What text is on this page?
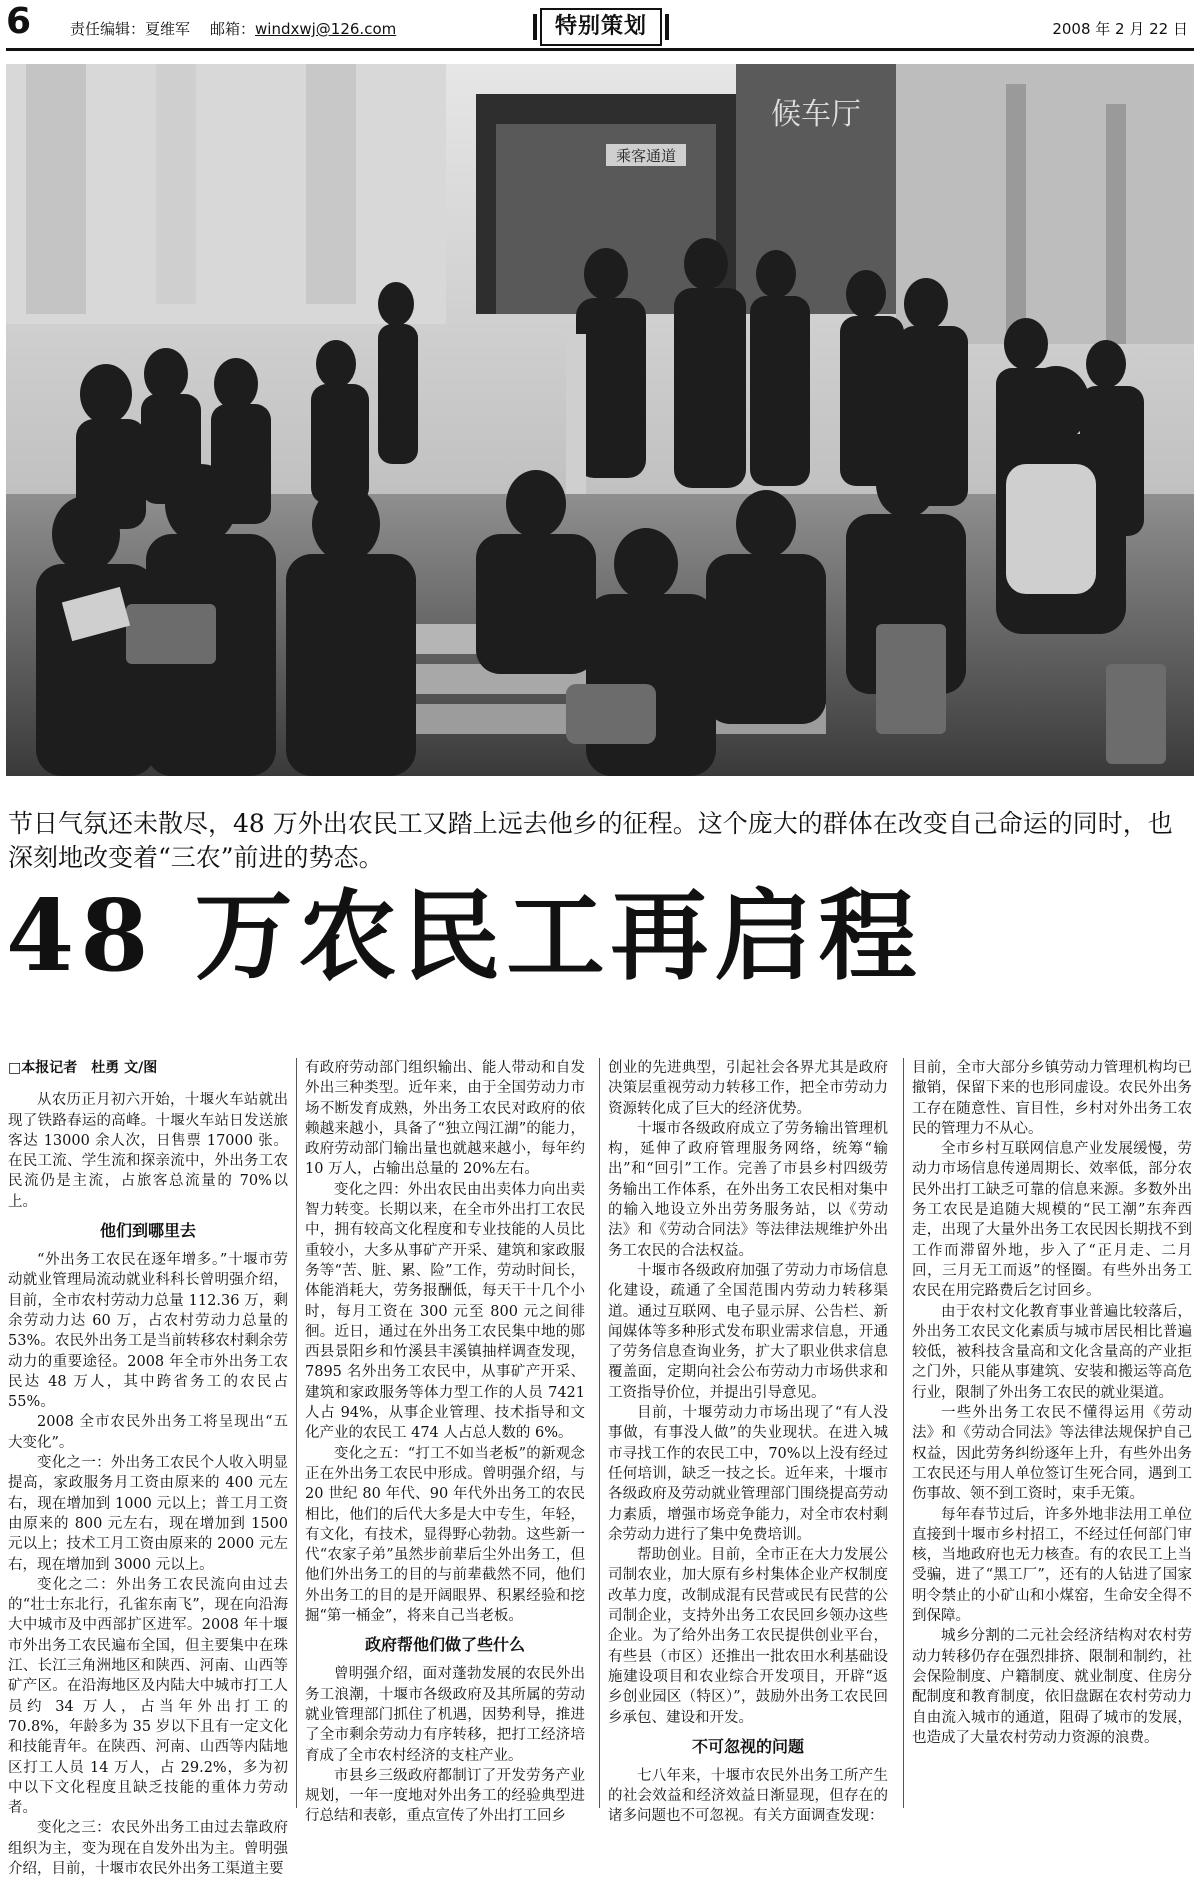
6	责任编辑：夏维军 邮箱：windxwj@126.com	特别策划	2008 年 2 月 22 日
乘客通道
候车厅
节日气氛还未散尽，48 万外出农民工又踏上远去他乡的征程。这个庞大的群体在改变自己命运的同时，也深刻地改变着“三农”前进的势态。
48 万农民工再启程

□本报记者　杜勇 文/图

从农历正月初六开始，十堰火车站就出现了铁路春运的高峰。十堰火车站日发送旅客达 13000 余人次，日售票 17000 张。在民工流、学生流和探亲流中，外出务工农民流仍是主流，占旅客总流量的 70%以上。

他们到哪里去

“外出务工农民在逐年增多。”十堰市劳动就业管理局流动就业科科长曾明强介绍，目前，全市农村劳动力总量 112.36 万，剩余劳动力达 60 万，占农村劳动力总量的 53%。农民外出务工是当前转移农村剩余劳动力的重要途径。2008 年全市外出务工农民达 48 万人，其中跨省务工的农民占 55%。

2008 全市农民外出务工将呈现出“五大变化”。

变化之一：外出务工农民个人收入明显提高，家政服务月工资由原来的 400 元左右，现在增加到 1000 元以上；普工月工资由原来的 800 元左右，现在增加到 1500 元以上；技术工月工资由原来的 2000 元左右，现在增加到 3000 元以上。

变化之二：外出务工农民流向由过去的“壮士东北行，孔雀东南飞”，现在向沿海大中城市及中西部扩区进军。2008 年十堰市外出务工农民遍布全国，但主要集中在珠江、长江三角洲地区和陕西、河南、山西等矿产区。在沿海地区及内陆大中城市打工人员约 34 万人，占当年外出打工的 70.8%，年龄多为 35 岁以下且有一定文化和技能青年。在陕西、河南、山西等内陆地区打工人员 14 万人，占 29.2%，多为初中以下文化程度且缺乏技能的重体力劳动者。

变化之三：农民外出务工由过去靠政府组织为主，变为现在自发外出为主。曾明强介绍，目前，十堰市农民外出务工渠道主要

有政府劳动部门组织输出、能人带动和自发外出三种类型。近年来，由于全国劳动力市场不断发育成熟，外出务工农民对政府的依赖越来越小，具备了“独立闯江湖”的能力，政府劳动部门输出量也就越来越小，每年约 10 万人，占输出总量的 20%左右。

变化之四：外出农民由出卖体力向出卖智力转变。长期以来，在全市外出打工农民中，拥有较高文化程度和专业技能的人员比重较小，大多从事矿产开采、建筑和家政服务等“苦、脏、累、险”工作，劳动时间长，体能消耗大，劳务报酬低，每天干十几个小时，每月工资在 300 元至 800 元之间徘徊。近日，通过在外出务工农民集中地的郧西县景阳乡和竹溪县丰溪镇抽样调查发现，7895 名外出务工农民中，从事矿产开采、建筑和家政服务等体力型工作的人员 7421 人占 94%，从事企业管理、技术指导和文化产业的农民工 474 人占总人数的 6%。

变化之五：“打工不如当老板”的新观念正在外出务工农民中形成。曾明强介绍，与 20 世纪 80 年代、90 年代外出务工的农民相比，他们的后代大多是大中专生，年轻，有文化，有技术，显得野心勃勃。这些新一代“农家子弟”虽然步前辈后尘外出务工，但他们外出务工的目的与前辈截然不同，他们外出务工的目的是开阔眼界、积累经验和挖掘“第一桶金”，将来自己当老板。

政府帮他们做了些什么

曾明强介绍，面对蓬勃发展的农民外出务工浪潮，十堰市各级政府及其所属的劳动就业管理部门抓住了机遇，因势利导，推进了全市剩余劳动力有序转移，把打工经济培育成了全市农村经济的支柱产业。

市县乡三级政府都制订了开发劳务产业规划，一年一度地对外出务工的经验典型进行总结和表彰，重点宣传了外出打工回乡

创业的先进典型，引起社会各界尤其是政府决策层重视劳动力转移工作，把全市劳动力资源转化成了巨大的经济优势。

十堰市各级政府成立了劳务输出管理机构，延伸了政府管理服务网络，统筹“输出”和“回引”工作。完善了市县乡村四级劳务输出工作体系，在外出务工农民相对集中的输入地设立外出劳务服务站，以《劳动法》和《劳动合同法》等法律法规维护外出务工农民的合法权益。

十堰市各级政府加强了劳动力市场信息化建设，疏通了全国范围内劳动力转移渠道。通过互联网、电子显示屏、公告栏、新闻媒体等多种形式发布职业需求信息，开通了劳务信息查询业务，扩大了职业供求信息覆盖面，定期向社会公布劳动力市场供求和工资指导价位，并提出引导意见。

目前，十堰劳动力市场出现了“有人没事做，有事没人做”的失业现状。在进入城市寻找工作的农民工中，70%以上没有经过任何培训，缺乏一技之长。近年来，十堰市各级政府及劳动就业管理部门围绕提高劳动力素质，增强市场竞争能力，对全市农村剩余劳动力进行了集中免费培训。

帮助创业。目前，全市正在大力发展公司制农业，加大原有乡村集体企业产权制度改革力度，改制成混有民营或民有民营的公司制企业，支持外出务工农民回乡领办这些企业。为了给外出务工农民提供创业平台，有些县（市区）还推出一批农田水利基础设施建设项目和农业综合开发项目，开辟“返乡创业园区（特区）”，鼓励外出务工农民回乡承包、建设和开发。

不可忽视的问题

七八年来，十堰市农民外出务工所产生的社会效益和经济效益日渐显现，但存在的诸多问题也不可忽视。有关方面调查发现：

目前，全市大部分乡镇劳动力管理机构均已撤销，保留下来的也形同虚设。农民外出务工存在随意性、盲目性，乡村对外出务工农民的管理力不从心。

全市乡村互联网信息产业发展缓慢，劳动力市场信息传递周期长、效率低，部分农民外出打工缺乏可靠的信息来源。多数外出务工农民是追随大规模的“民工潮”东奔西走，出现了大量外出务工农民因长期找不到工作而滞留外地，步入了“正月走、二月回，三月无工而返”的怪圈。有些外出务工农民在用完路费后乞讨回乡。

由于农村文化教育事业普遍比较落后，外出务工农民文化素质与城市居民相比普遍较低，被科技含量高和文化含量高的产业拒之门外，只能从事建筑、安装和搬运等高危行业，限制了外出务工农民的就业渠道。

一些外出务工农民不懂得运用《劳动法》和《劳动合同法》等法律法规保护自己权益，因此劳务纠纷逐年上升，有些外出务工农民还与用人单位签订生死合同，遇到工伤事故、领不到工资时，束手无策。

每年春节过后，许多外地非法用工单位直接到十堰市乡村招工，不经过任何部门审核，当地政府也无力核查。有的农民工上当受骗，进了“黑工厂”，还有的人钻进了国家明令禁止的小矿山和小煤窑，生命安全得不到保障。

城乡分割的二元社会经济结构对农村劳动力转移仍存在强烈排挤、限制和制约，社会保险制度、户籍制度、就业制度、住房分配制度和教育制度，依旧盘踞在农村劳动力自由流入城市的通道，阻碍了城市的发展，也造成了大量农村劳动力资源的浪费。
